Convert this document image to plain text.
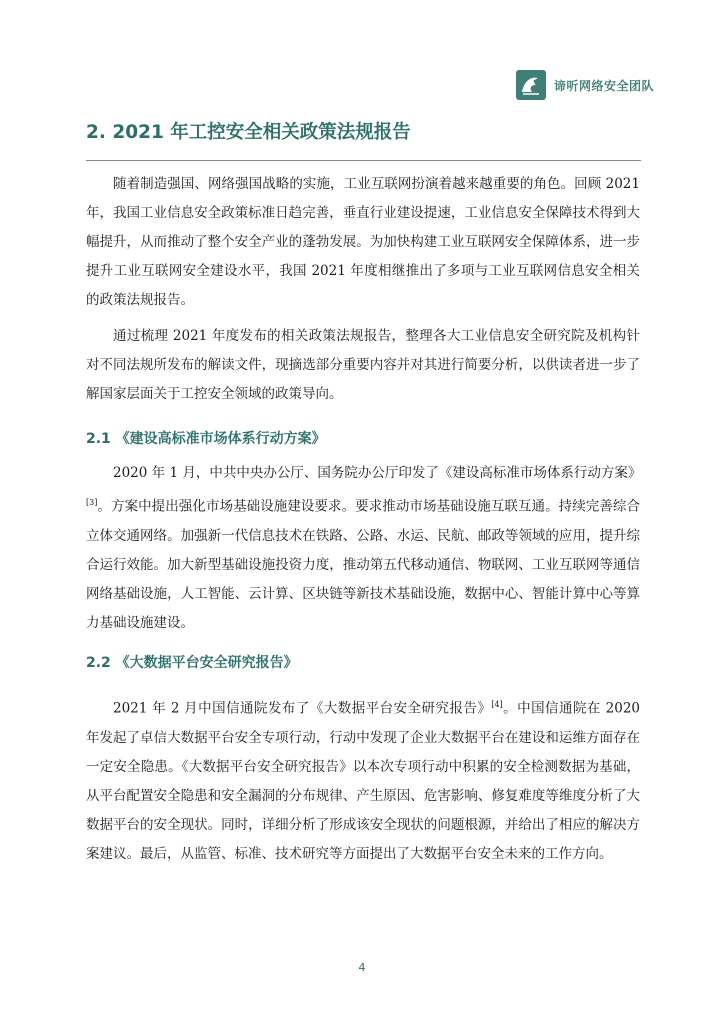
谛听网络安全团队
2. 2021 年工控安全相关政策法规报告

随着制造强国、网络强国战略的实施，工业互联网扮演着越来越重要的角色。回顾 2021 年，我国工业信息安全政策标准日趋完善，垂直行业建设提速，工业信息安全保障技术得到大幅提升，从而推动了整个安全产业的蓬勃发展。为加快构建工业互联网安全保障体系，进一步提升工业互联网安全建设水平，我国 2021 年度相继推出了多项与工业互联网信息安全相关的政策法规报告。

通过梳理 2021 年度发布的相关政策法规报告，整理各大工业信息安全研究院及机构针对不同法规所发布的解读文件，现摘选部分重要内容并对其进行简要分析，以供读者进一步了解国家层面关于工控安全领域的政策导向。

2.1 《建设高标准市场体系行动方案》

2020 年 1 月，中共中央办公厅、国务院办公厅印发了《建设高标准市场体系行动方案》[3]。方案中提出强化市场基础设施建设要求。要求推动市场基础设施互联互通。持续完善综合立体交通网络。加强新一代信息技术在铁路、公路、水运、民航、邮政等领域的应用，提升综合运行效能。加大新型基础设施投资力度，推动第五代移动通信、物联网、工业互联网等通信网络基础设施，人工智能、云计算、区块链等新技术基础设施，数据中心、智能计算中心等算力基础设施建设。

2.2 《大数据平台安全研究报告》

2021 年 2 月中国信通院发布了《大数据平台安全研究报告》[4]。中国信通院在 2020 年发起了卓信大数据平台安全专项行动，行动中发现了企业大数据平台在建设和运维方面存在一定安全隐患。《大数据平台安全研究报告》以本次专项行动中积累的安全检测数据为基础，从平台配置安全隐患和安全漏洞的分布规律、产生原因、危害影响、修复难度等维度分析了大数据平台的安全现状。同时，详细分析了形成该安全现状的问题根源，并给出了相应的解决方案建议。最后，从监管、标准、技术研究等方面提出了大数据平台安全未来的工作方向。

4
